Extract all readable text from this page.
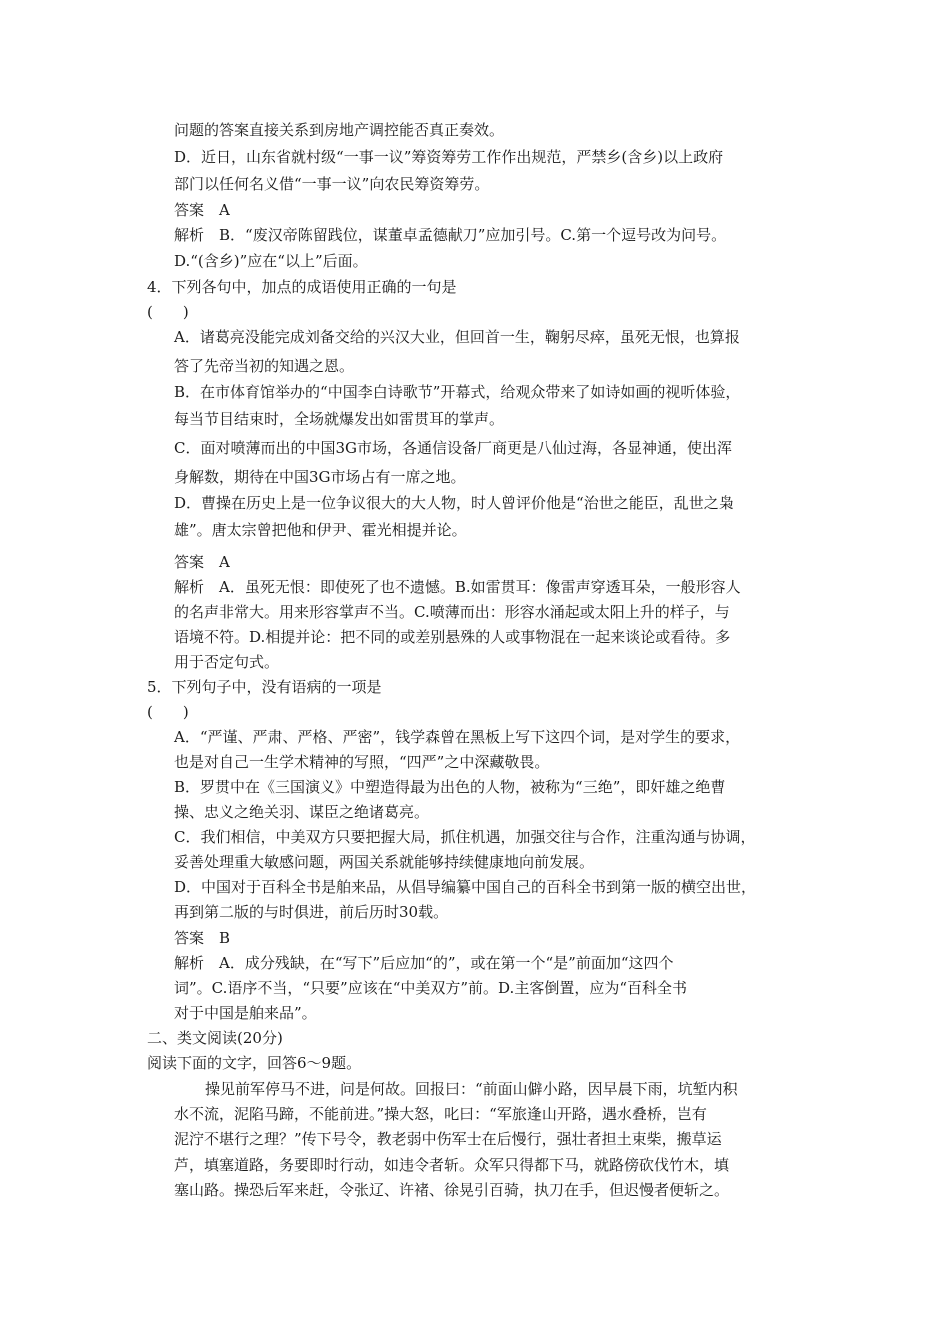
问题的答案直接关系到房地产调控能否真正奏效。
D．近日，山东省就村级“一事一议”筹资筹劳工作作出规范，严禁乡(含乡)以上政府
部门以任何名义借“一事一议”向农民筹资筹劳。
答案　A
解析　B．“废汉帝陈留践位，谋董卓孟德献刀”应加引号。C.第一个逗号改为问号。
D.“(含乡)”应在“以上”后面。
4．下列各句中，加点的成语使用正确的一句是
(　　)
A．诸葛亮没能完成刘备交给的兴汉大业，但回首一生，鞠躬尽瘁，虽死无恨，也算报
答了先帝当初的知遇之恩。
B．在市体育馆举办的“中国李白诗歌节”开幕式，给观众带来了如诗如画的视听体验，
每当节目结束时，全场就爆发出如雷贯耳的掌声。
C．面对喷薄而出的中国3G市场，各通信设备厂商更是八仙过海，各显神通，使出浑
身解数，期待在中国3G市场占有一席之地。
D．曹操在历史上是一位争议很大的大人物，时人曾评价他是“治世之能臣，乱世之枭
雄”。唐太宗曾把他和伊尹、霍光相提并论。
答案　A
解析　A．虽死无恨：即使死了也不遗憾。B.如雷贯耳：像雷声穿透耳朵，一般形容人
的名声非常大。用来形容掌声不当。C.喷薄而出：形容水涌起或太阳上升的样子，与
语境不符。D.相提并论：把不同的或差别悬殊的人或事物混在一起来谈论或看待。多
用于否定句式。
5．下列句子中，没有语病的一项是
(　　)
A．“严谨、严肃、严格、严密”，钱学森曾在黑板上写下这四个词，是对学生的要求，
也是对自己一生学术精神的写照，“四严”之中深藏敬畏。
B．罗贯中在《三国演义》中塑造得最为出色的人物，被称为“三绝”，即奸雄之绝曹
操、忠义之绝关羽、谋臣之绝诸葛亮。
C．我们相信，中美双方只要把握大局，抓住机遇，加强交往与合作，注重沟通与协调，
妥善处理重大敏感问题，两国关系就能够持续健康地向前发展。
D．中国对于百科全书是舶来品，从倡导编纂中国自己的百科全书到第一版的横空出世，
再到第二版的与时俱进，前后历时30载。
答案　B
解析　A．成分残缺，在“写下”后应加“的”，或在第一个“是”前面加“这四个
词”。C.语序不当，“只要”应该在“中美双方”前。D.主客倒置，应为“百科全书
对于中国是舶来品”。
二、类文阅读(20分)
阅读下面的文字，回答6～9题。
操见前军停马不进，问是何故。回报曰：“前面山僻小路，因早晨下雨，坑堑内积
水不流，泥陷马蹄，不能前进。”操大怒，叱曰：“军旅逢山开路，遇水叠桥，岂有
泥泞不堪行之理？”传下号令，教老弱中伤军士在后慢行，强壮者担土束柴，搬草运
芦，填塞道路，务要即时行动，如违令者斩。众军只得都下马，就路傍砍伐竹木，填
塞山路。操恐后军来赶，令张辽、许褚、徐晃引百骑，执刀在手，但迟慢者便斩之。
